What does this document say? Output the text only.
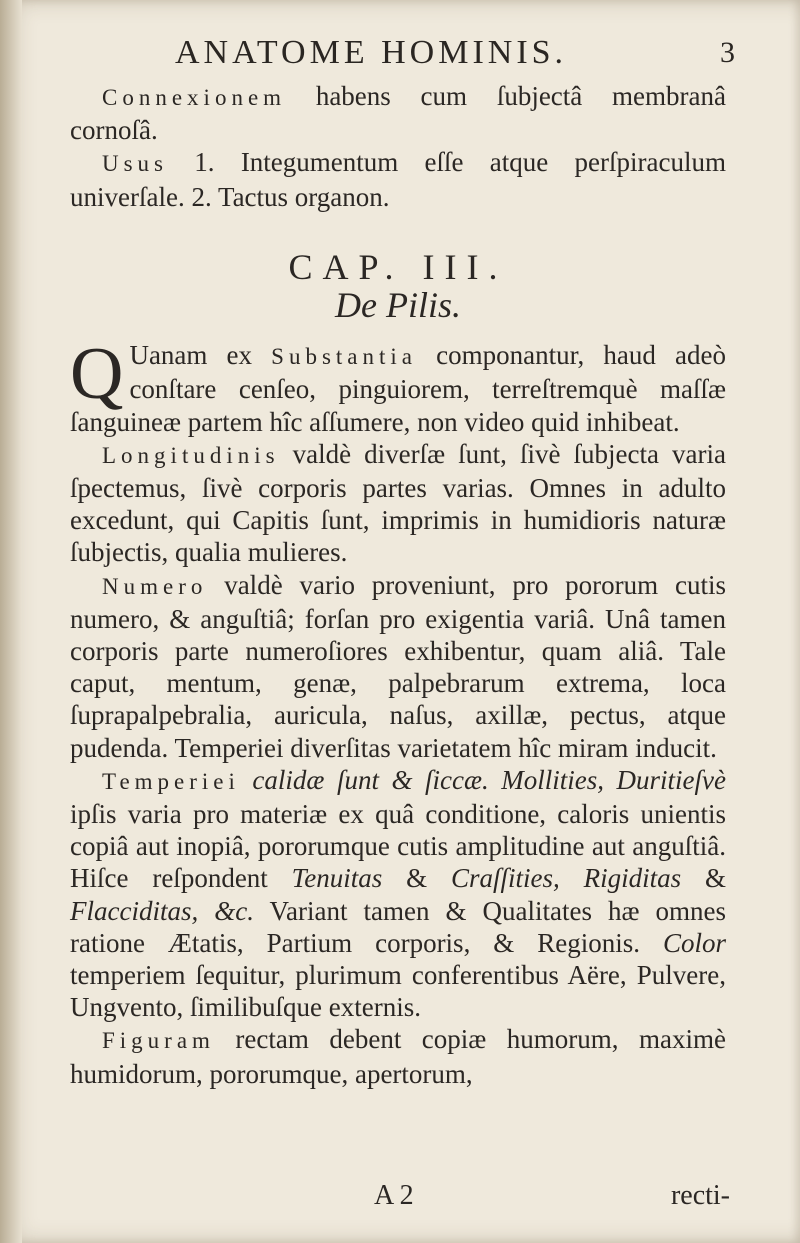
ANATOME HOMINIS.	3

Connexionem habens cum ſubjectâ membranâ cornoſâ.

Usus 1. Integumentum eſſe atque perſpiraculum univerſale. 2. Tactus organon.

CAP. III.
De Pilis.

Q Uanam ex Substantia componantur, haud adeò conſtare cenſeo, pinguiorem, terreſtremquè maſſæ ſanguineæ partem hîc aſſumere, non video quid inhibeat.

Longitudinis valdè diverſæ ſunt, ſivè ſubjecta varia ſpectemus, ſivè corporis partes varias. Omnes in adulto excedunt, qui Capitis ſunt, imprimis in humidioris naturæ ſubjectis, qualia mulieres.

Numero valdè vario proveniunt, pro pororum cutis numero, & anguſtiâ; forſan pro exigentia variâ. Unâ tamen corporis parte numeroſiores exhibentur, quam aliâ. Tale caput, mentum, genæ, palpebrarum extrema, loca ſuprapalpebralia, auricula, naſus, axillæ, pectus, atque pudenda. Temperiei diverſitas varietatem hîc miram inducit.

Temperiei calidæ ſunt & ſiccæ. Mollities, Duritieſvè ipſis varia pro materiæ ex quâ conditione, caloris unientis copiâ aut inopiâ, pororumque cutis amplitudine aut anguſtiâ. Hiſce reſpondent Tenuitas & Craſſities, Rigiditas & Flacciditas, &c. Variant tamen & Qualitates hæ omnes ratione Ætatis, Partium corporis, & Regionis. Color temperiem ſequitur, plurimum conferentibus Aëre, Pulvere, Ungvento, ſimilibuſque externis.

Figuram rectam debent copiæ humorum, maximè humidorum, pororumque, apertorum,

A 2	recti-
